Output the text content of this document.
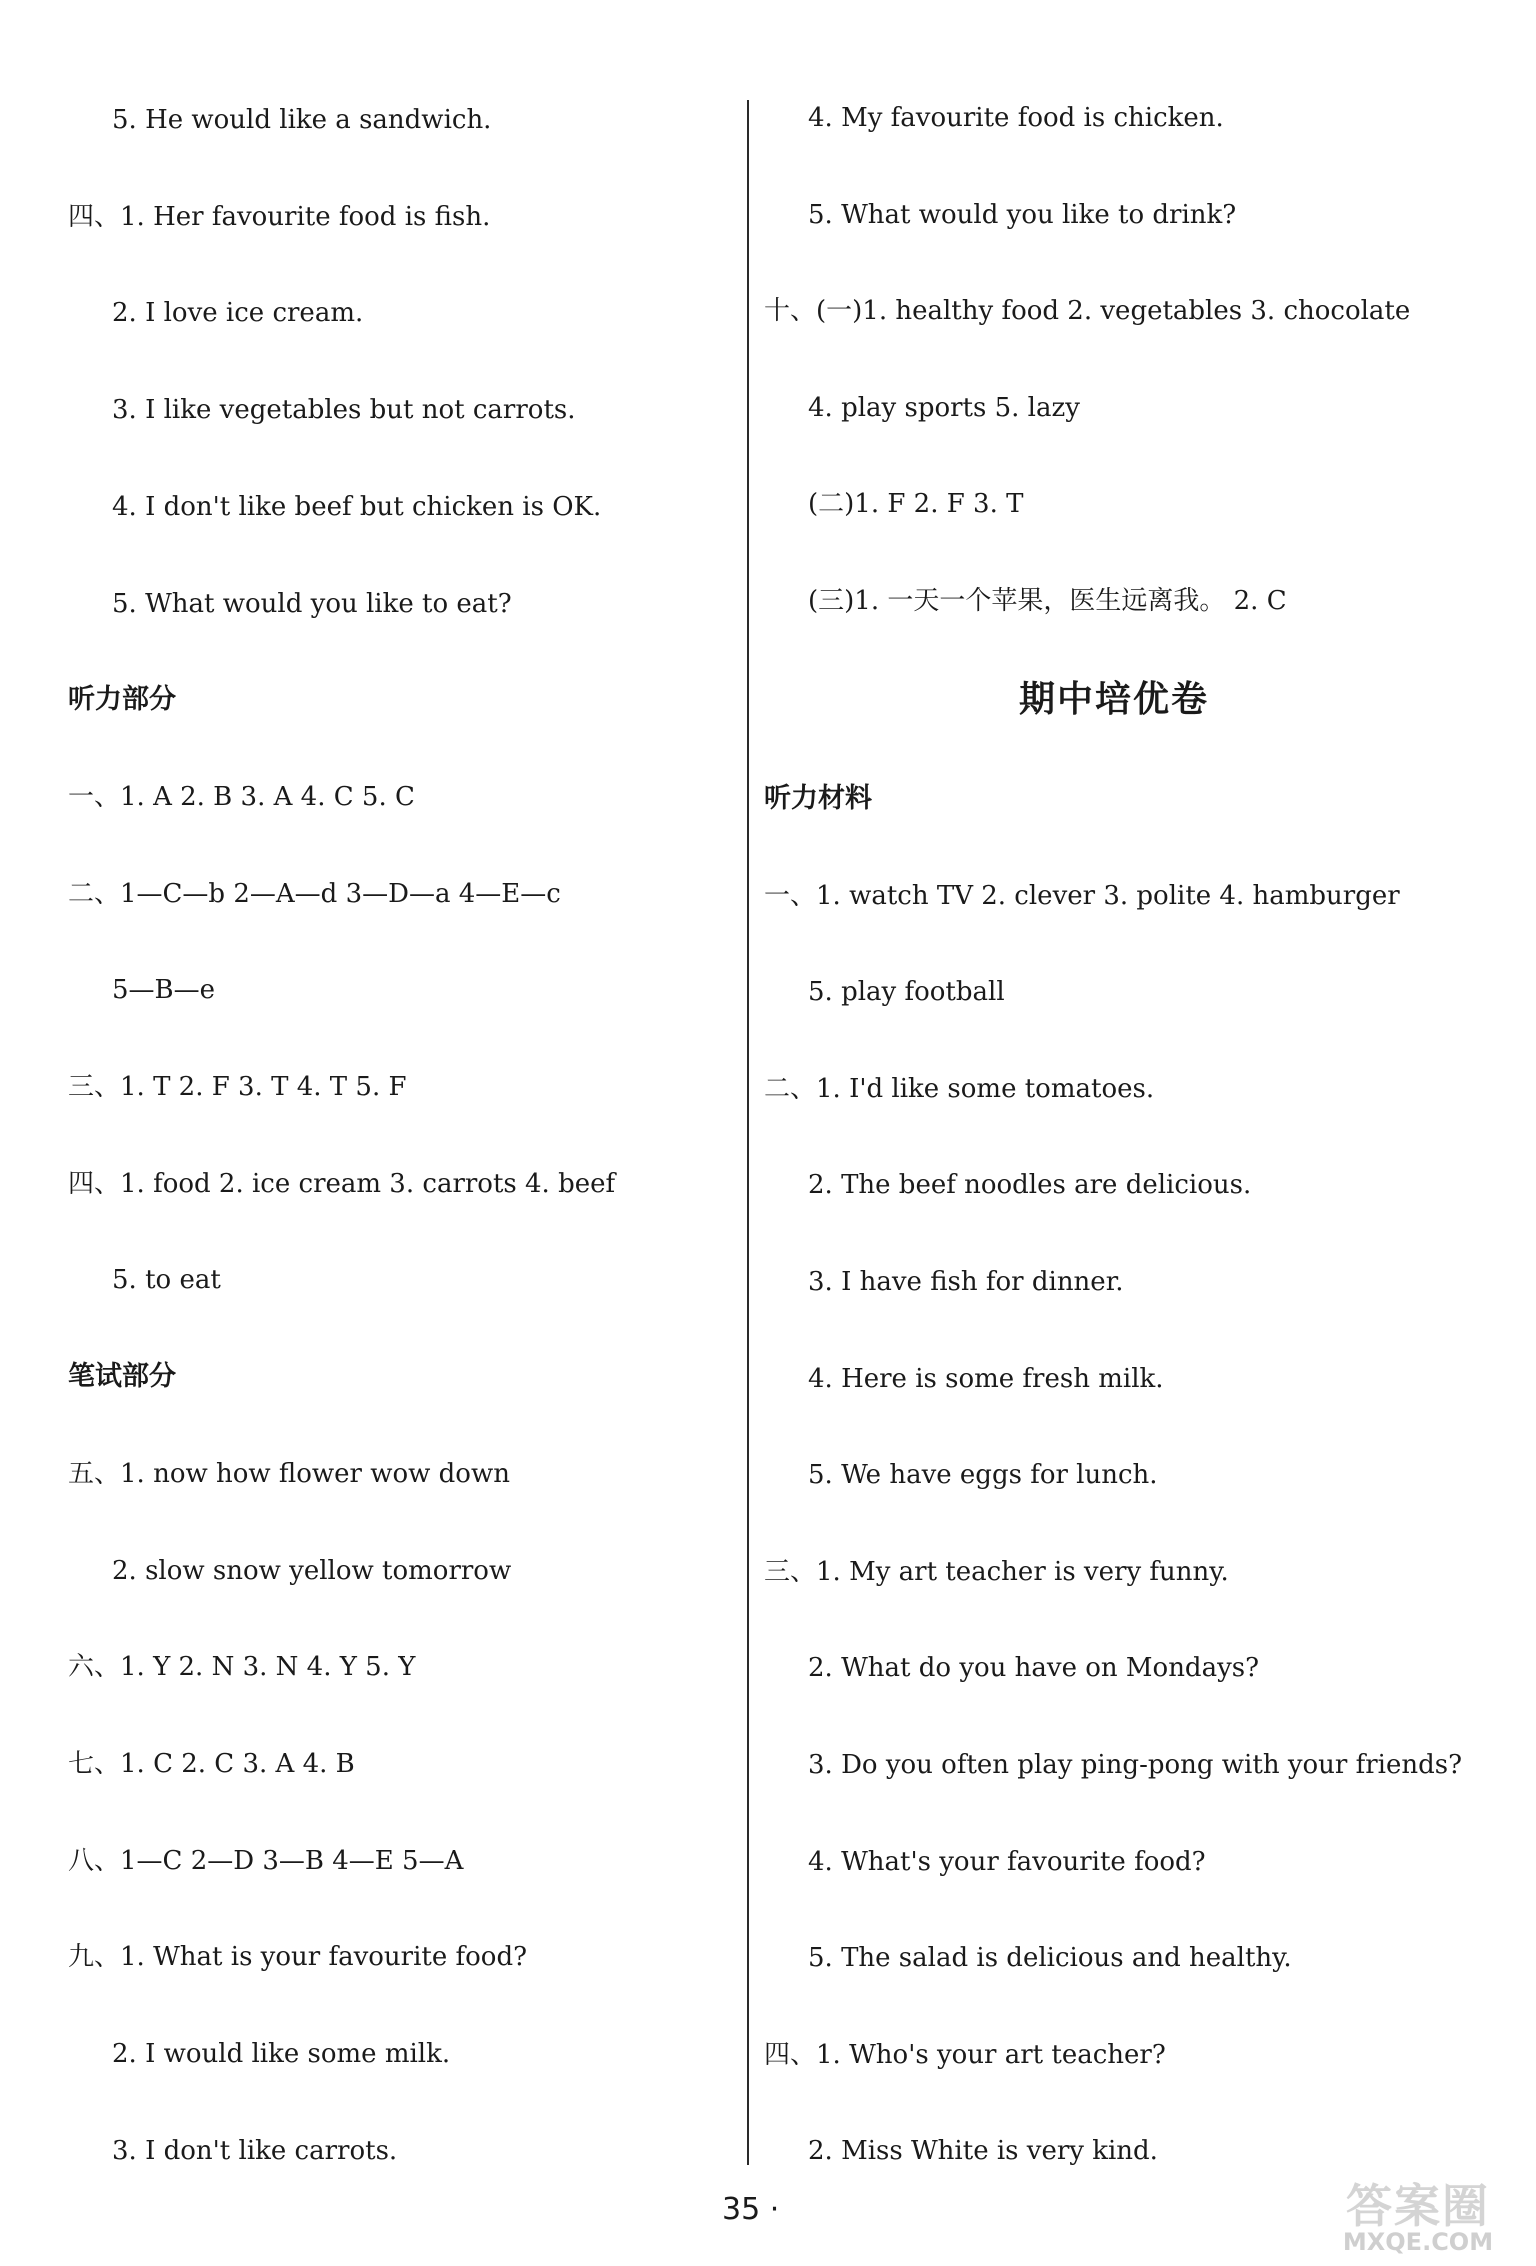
5. He would like a sandwich.
四、1. Her favourite food is fish.
2. I love ice cream.
3. I like vegetables but not carrots.
4. I don't like beef but chicken is OK.
5. What would you like to eat?
听力部分
一、1. A 2. B 3. A 4. C 5. C
二、1—C—b 2—A—d 3—D—a 4—E—c
5—B—e
三、1. T 2. F 3. T 4. T 5. F
四、1. food 2. ice cream 3. carrots 4. beef
5. to eat
笔试部分
五、1. now how flower wow down
2. slow snow yellow tomorrow
六、1. Y 2. N 3. N 4. Y 5. Y
七、1. C 2. C 3. A 4. B
八、1—C 2—D 3—B 4—E 5—A
九、1. What is your favourite food?
2. I would like some milk.
3. I don't like carrots.
期中培优卷
4. My favourite food is chicken.
5. What would you like to drink?
十、(一)1. healthy food 2. vegetables 3. chocolate
4. play sports 5. lazy
(二)1. F 2. F 3. T
(三)1. 一天一个苹果，医生远离我。 2. C
听力材料
一、1. watch TV 2. clever 3. polite 4. hamburger
5. play football
二、1. I'd like some tomatoes.
2. The beef noodles are delicious.
3. I have fish for dinner.
4. Here is some fresh milk.
5. We have eggs for lunch.
三、1. My art teacher is very funny.
2. What do you have on Mondays?
3. Do you often play ping-pong with your friends?
4. What's your favourite food?
5. The salad is delicious and healthy.
四、1. Who's your art teacher?
2. Miss White is very kind.
35 ·	答案圈
MXQE.COM
